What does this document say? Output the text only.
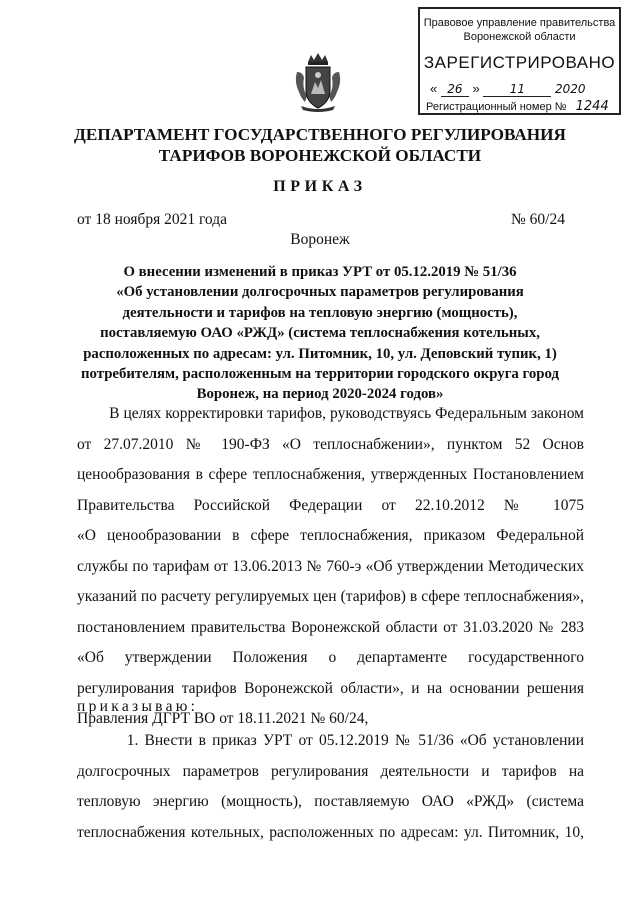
Правовое управление правительства
Воронежской области
ЗАРЕГИСТРИРОВАНО
« 26 » 11 2020
Регистрационный номер № 1244
ДЕПАРТАМЕНТ ГОСУДАРСТВЕННОГО РЕГУЛИРОВАНИЯ
ТАРИФОВ ВОРОНЕЖСКОЙ ОБЛАСТИ
ПРИКАЗ
от 18 ноября 2021 года	№ 60/24
Воронеж
О внесении изменений в приказ УРТ от 05.12.2019 № 51/36
«Об установлении долгосрочных параметров регулирования
деятельности и тарифов на тепловую энергию (мощность),
поставляемую ОАО «РЖД» (система теплоснабжения котельных,
расположенных по адресам: ул. Питомник, 10, ул. Деповский тупик, 1)
потребителям, расположенным на территории городского округа город
Воронеж, на период 2020-2024 годов»
В целях корректировки тарифов, руководствуясь Федеральным законом
от 27.07.2010 № 190-ФЗ «О теплоснабжении», пунктом 52 Основ
ценообразования в сфере теплоснабжения, утвержденных Постановлением
Правительства Российской Федерации от 22.10.2012 № 1075
«О ценообразовании в сфере теплоснабжения, приказом Федеральной
службы по тарифам от 13.06.2013 № 760-э «Об утверждении Методических
указаний по расчету регулируемых цен (тарифов) в сфере теплоснабжения»,
постановлением правительства Воронежской области от 31.03.2020 № 283
«Об утверждении Положения о департаменте государственного
регулирования тарифов Воронежской области», и на основании решения
Правления ДГРТ ВО от 18.11.2021 № 60/24,
приказываю:
1. Внести в приказ УРТ от 05.12.2019 № 51/36 «Об установлении
долгосрочных параметров регулирования деятельности и тарифов на
тепловую энергию (мощность), поставляемую ОАО «РЖД» (система
теплоснабжения котельных, расположенных по адресам: ул. Питомник, 10,
